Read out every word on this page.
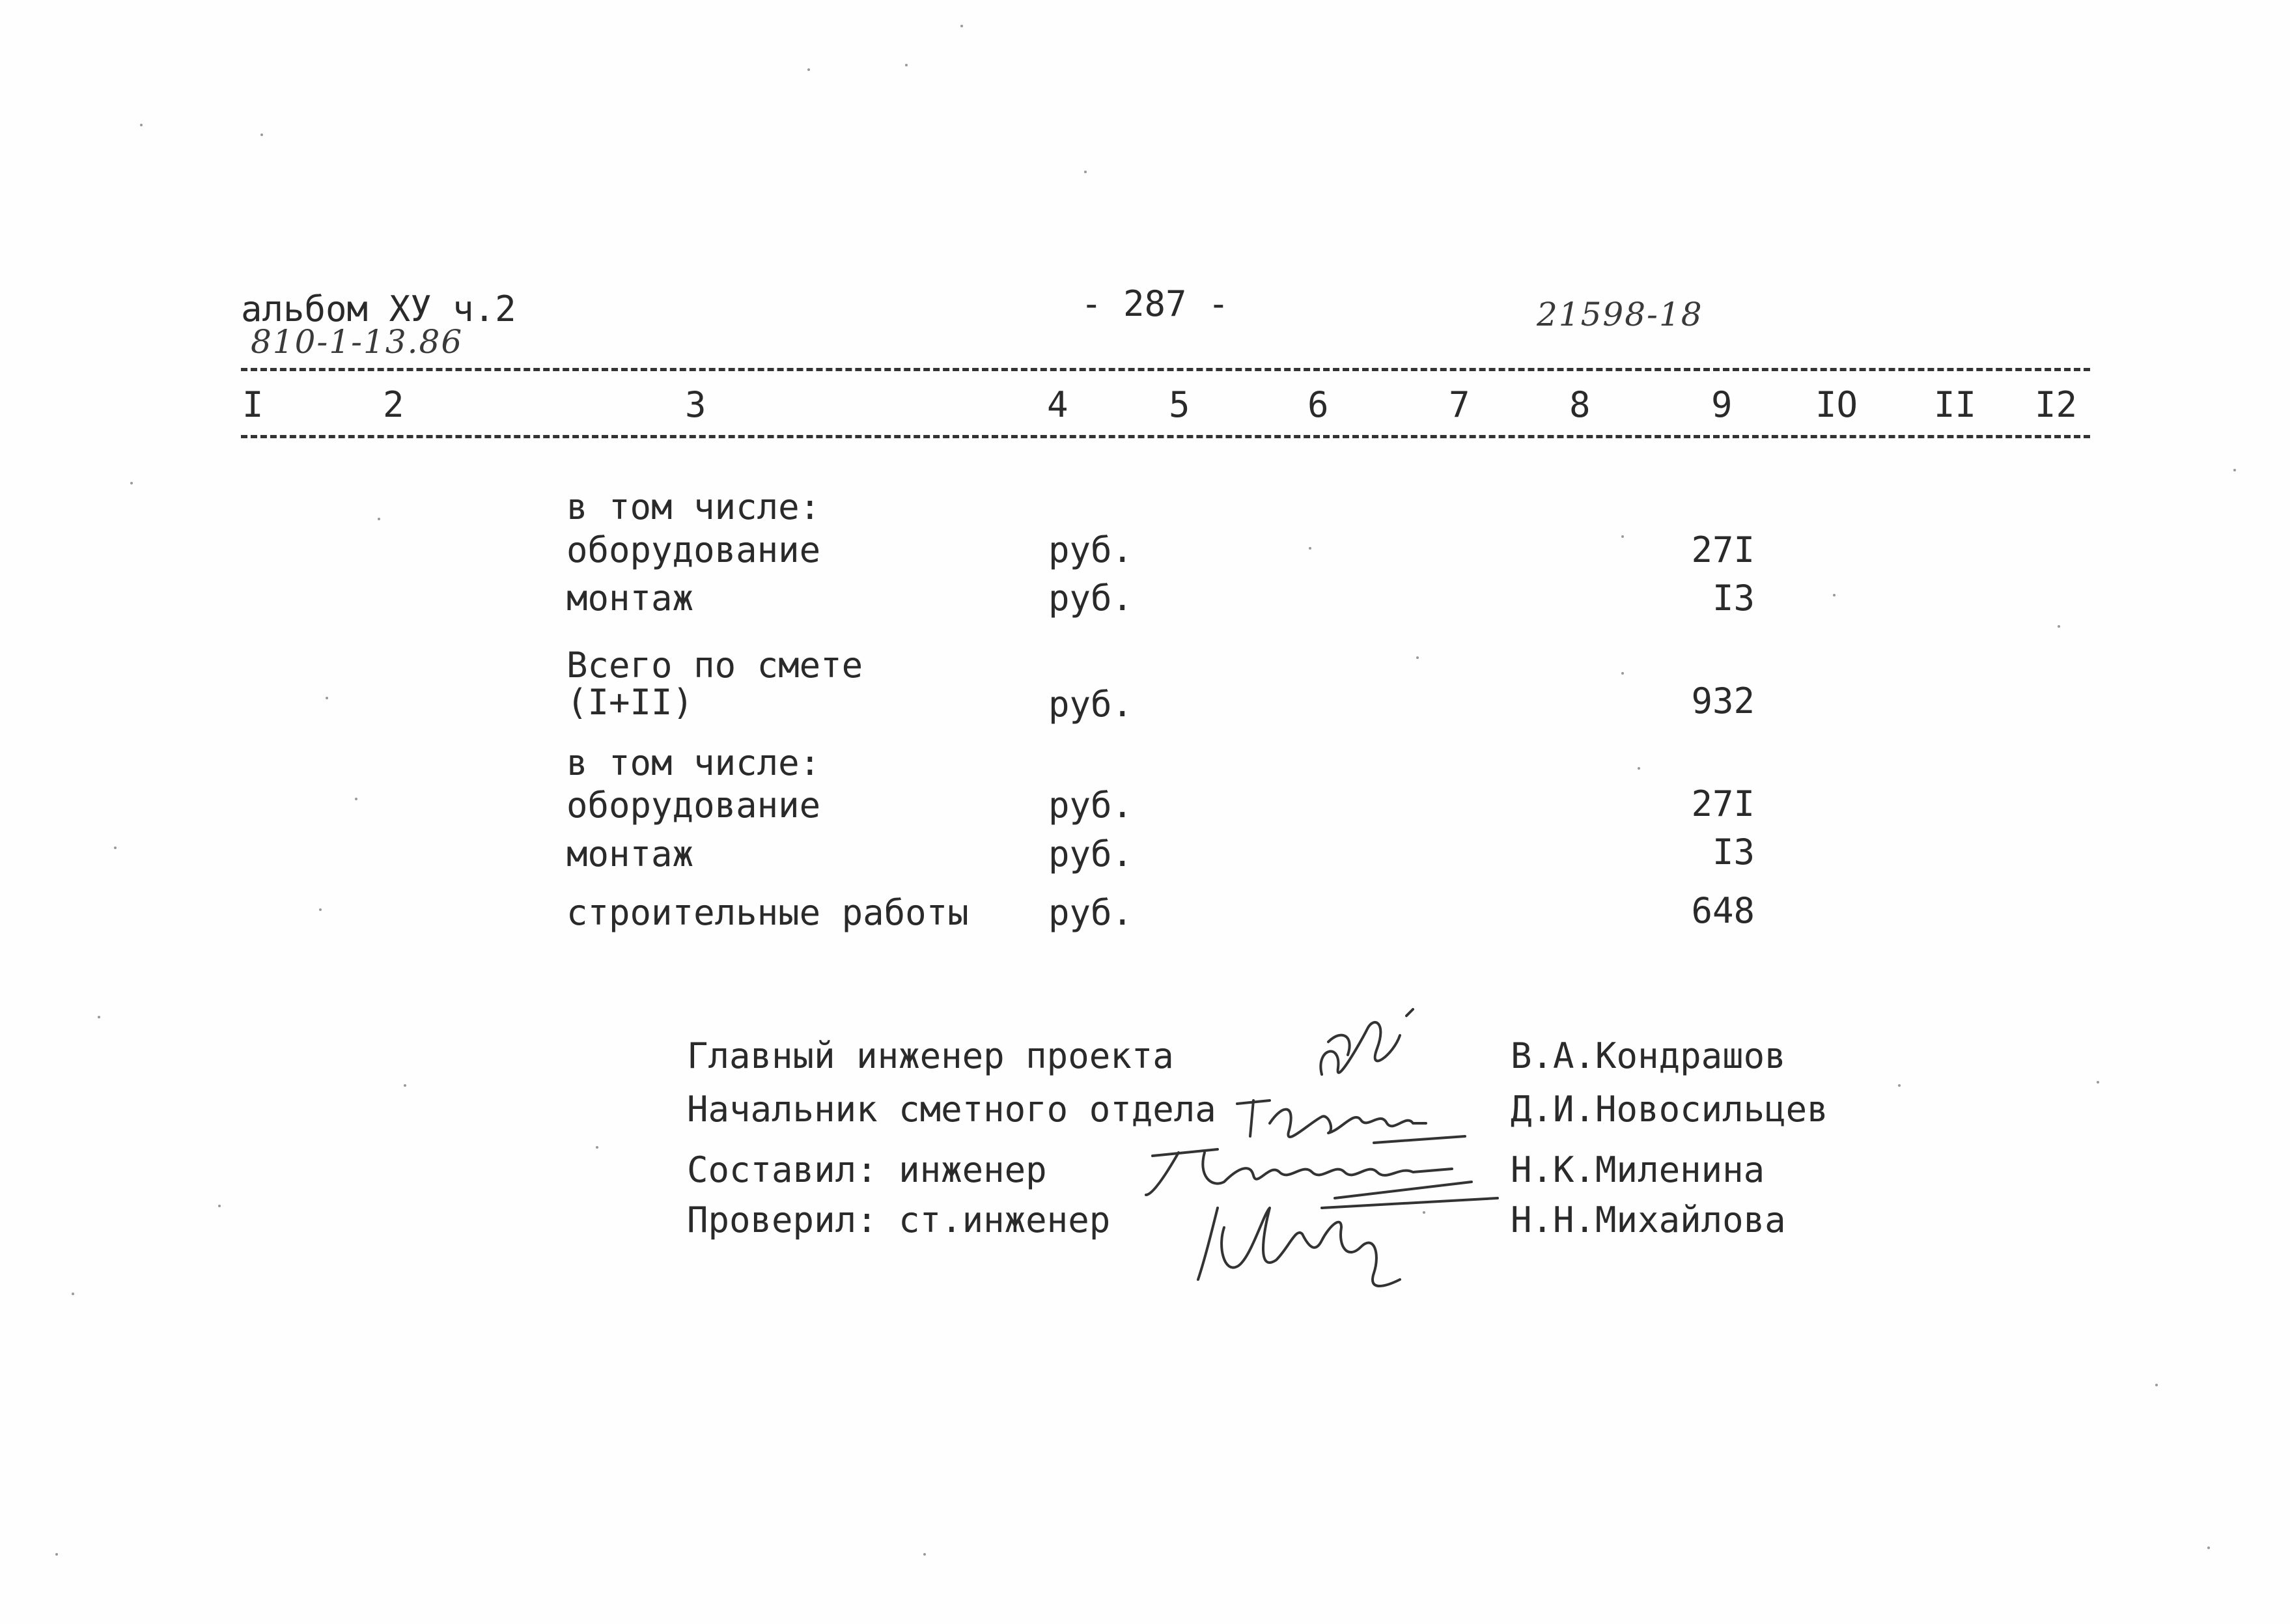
альбом ХУ ч.2
810-1-13.86
- 287 -	21598-18
I	2	3	4	5	6	7	8	9 IO II I2
в том числе:
оборудование	руб.	27I
монтаж	руб.	I3
Всего по смете
(I+II)	руб.	932
в том числе:
оборудование	руб.	27I
монтаж	руб.	I3
строительные работы руб.	648
Главный инженер проекта	В.А.Кондрашов
Начальник сметного отдела	Д.И.Новосильцев
Составил: инженер	Н.К.Миленина
Проверил: ст.инженер	Н.Н.Михайлова
